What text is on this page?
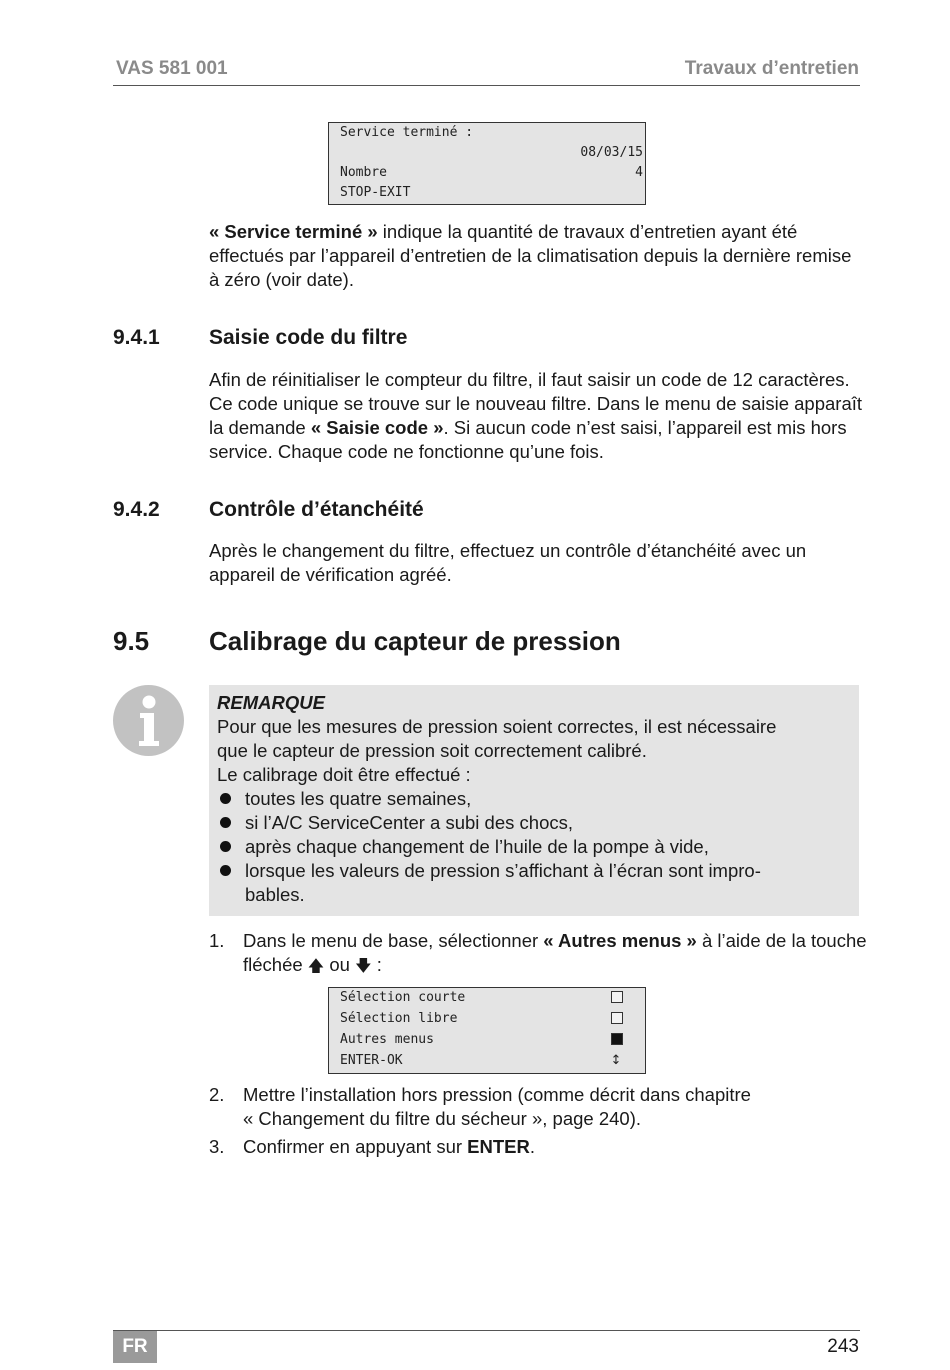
VAS 581 001	Travaux d’entretien
Service terminé :
08/03/15
Nombre	4
STOP-EXIT
« Service terminé » indique la quantité de travaux d’entretien ayant été effectués par l’appareil d’entretien de la climatisation depuis la dernière remise à zéro (voir date).
9.4.1 Saisie code du filtre
Afin de réinitialiser le compteur du filtre, il faut saisir un code de 12 caractères. Ce code unique se trouve sur le nouveau filtre. Dans le menu de saisie apparaît la demande « Saisie code ». Si aucun code n’est saisi, l’appareil est mis hors service. Chaque code ne fonctionne qu’une fois.
9.4.2 Contrôle d’étanchéité
Après le changement du filtre, effectuez un contrôle d’étanchéité avec un appareil de vérification agréé.
9.5 Calibrage du capteur de pression
REMARQUE
Pour que les mesures de pression soient correctes, il est nécessaire
que le capteur de pression soit correctement calibré.
Le calibrage doit être effectué :
toutes les quatre semaines,
si l’A/C ServiceCenter a subi des chocs,
après chaque changement de l’huile de la pompe à vide,
lorsque les valeurs de pression s’affichant à l’écran sont impro-
bables.
1. Dans le menu de base, sélectionner « Autres menus » à l’aide de la touche fléchée 🡅 ou 🡇 :
Sélection courte
Sélection libre
Autres menus
ENTER-OK	↕
2. Mettre l’installation hors pression (comme décrit dans chapitre
« Changement du filtre du sécheur », page 240).
3. Confirmer en appuyant sur ENTER.
FR	243
